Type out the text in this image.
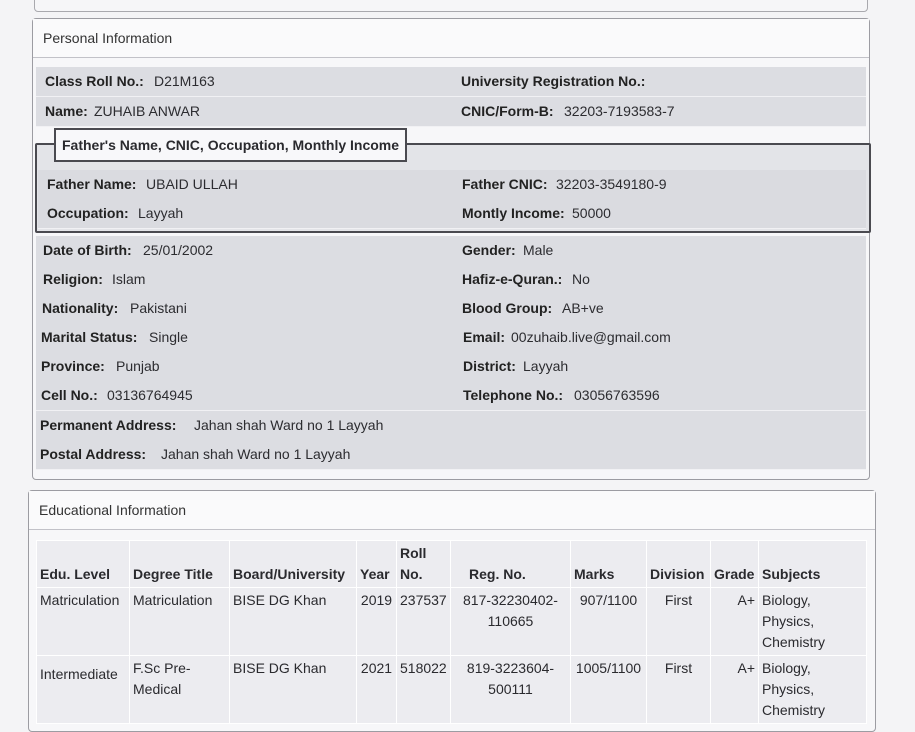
Personal Information
Class Roll No.: D21M163	University Registration No.:
Name: ZUHAIB ANWAR	CNIC/Form-B: 32203-7193583-7
Father's Name, CNIC, Occupation, Monthly Income
Father Name: UBAID ULLAH	Father CNIC: 32203-3549180-9
Occupation: Layyah	Montly Income: 50000
Date of Birth: 25/01/2002	Gender: Male
Religion: Islam	Hafiz-e-Quran.: No
Nationality: Pakistani	Blood Group: AB+ve
Marital Status: Single	Email: 00zuhaib.live@gmail.com
Province: Punjab	District: Layyah
Cell No.: 03136764945	Telephone No.: 03056763596
Permanent Address: Jahan shah Ward no 1 Layyah
Postal Address: Jahan shah Ward no 1 Layyah
Educational Information
Edu. Level	Degree Title	Board/University	Year	Roll No.	Reg. No.	Marks	Division	Grade	Subjects
Matriculation	Matriculation	BISE DG Khan	2019	237537	817-32230402-110665	907/1100	First	A+	Biology, Physics, Chemistry
Intermediate	F.Sc Pre-Medical	BISE DG Khan	2021	518022	819-3223604-500111	1005/1100	First	A+	Biology, Physics, Chemistry
